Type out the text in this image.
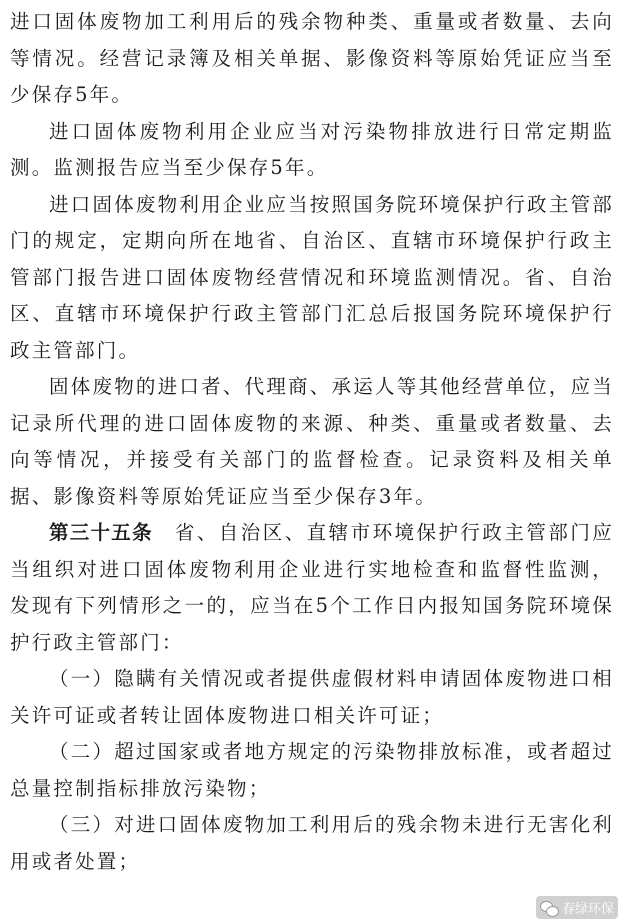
进口固体废物加工利用后的残余物种类、重量或者数量、去向等情况。经营记录簿及相关单据、影像资料等原始凭证应当至少保存5年。

进口固体废物利用企业应当对污染物排放进行日常定期监测。监测报告应当至少保存5年。

进口固体废物利用企业应当按照国务院环境保护行政主管部门的规定，定期向所在地省、自治区、直辖市环境保护行政主管部门报告进口固体废物经营情况和环境监测情况。省、自治区、直辖市环境保护行政主管部门汇总后报国务院环境保护行政主管部门。

固体废物的进口者、代理商、承运人等其他经营单位，应当记录所代理的进口固体废物的来源、种类、重量或者数量、去向等情况，并接受有关部门的监督检查。记录资料及相关单据、影像资料等原始凭证应当至少保存3年。

第三十五条　 省、自治区、直辖市环境保护行政主管部门应当组织对进口固体废物利用企业进行实地检查和监督性监测，发现有下列情形之一的，应当在5个工作日内报知国务院环境保护行政主管部门：

（一）隐瞒有关情况或者提供虚假材料申请固体废物进口相关许可证或者转让固体废物进口相关许可证；

（二）超过国家或者地方规定的污染物排放标准，或者超过总量控制指标排放污染物；

（三）对进口固体废物加工利用后的残余物未进行无害化利用或者处置；

春绿环保
